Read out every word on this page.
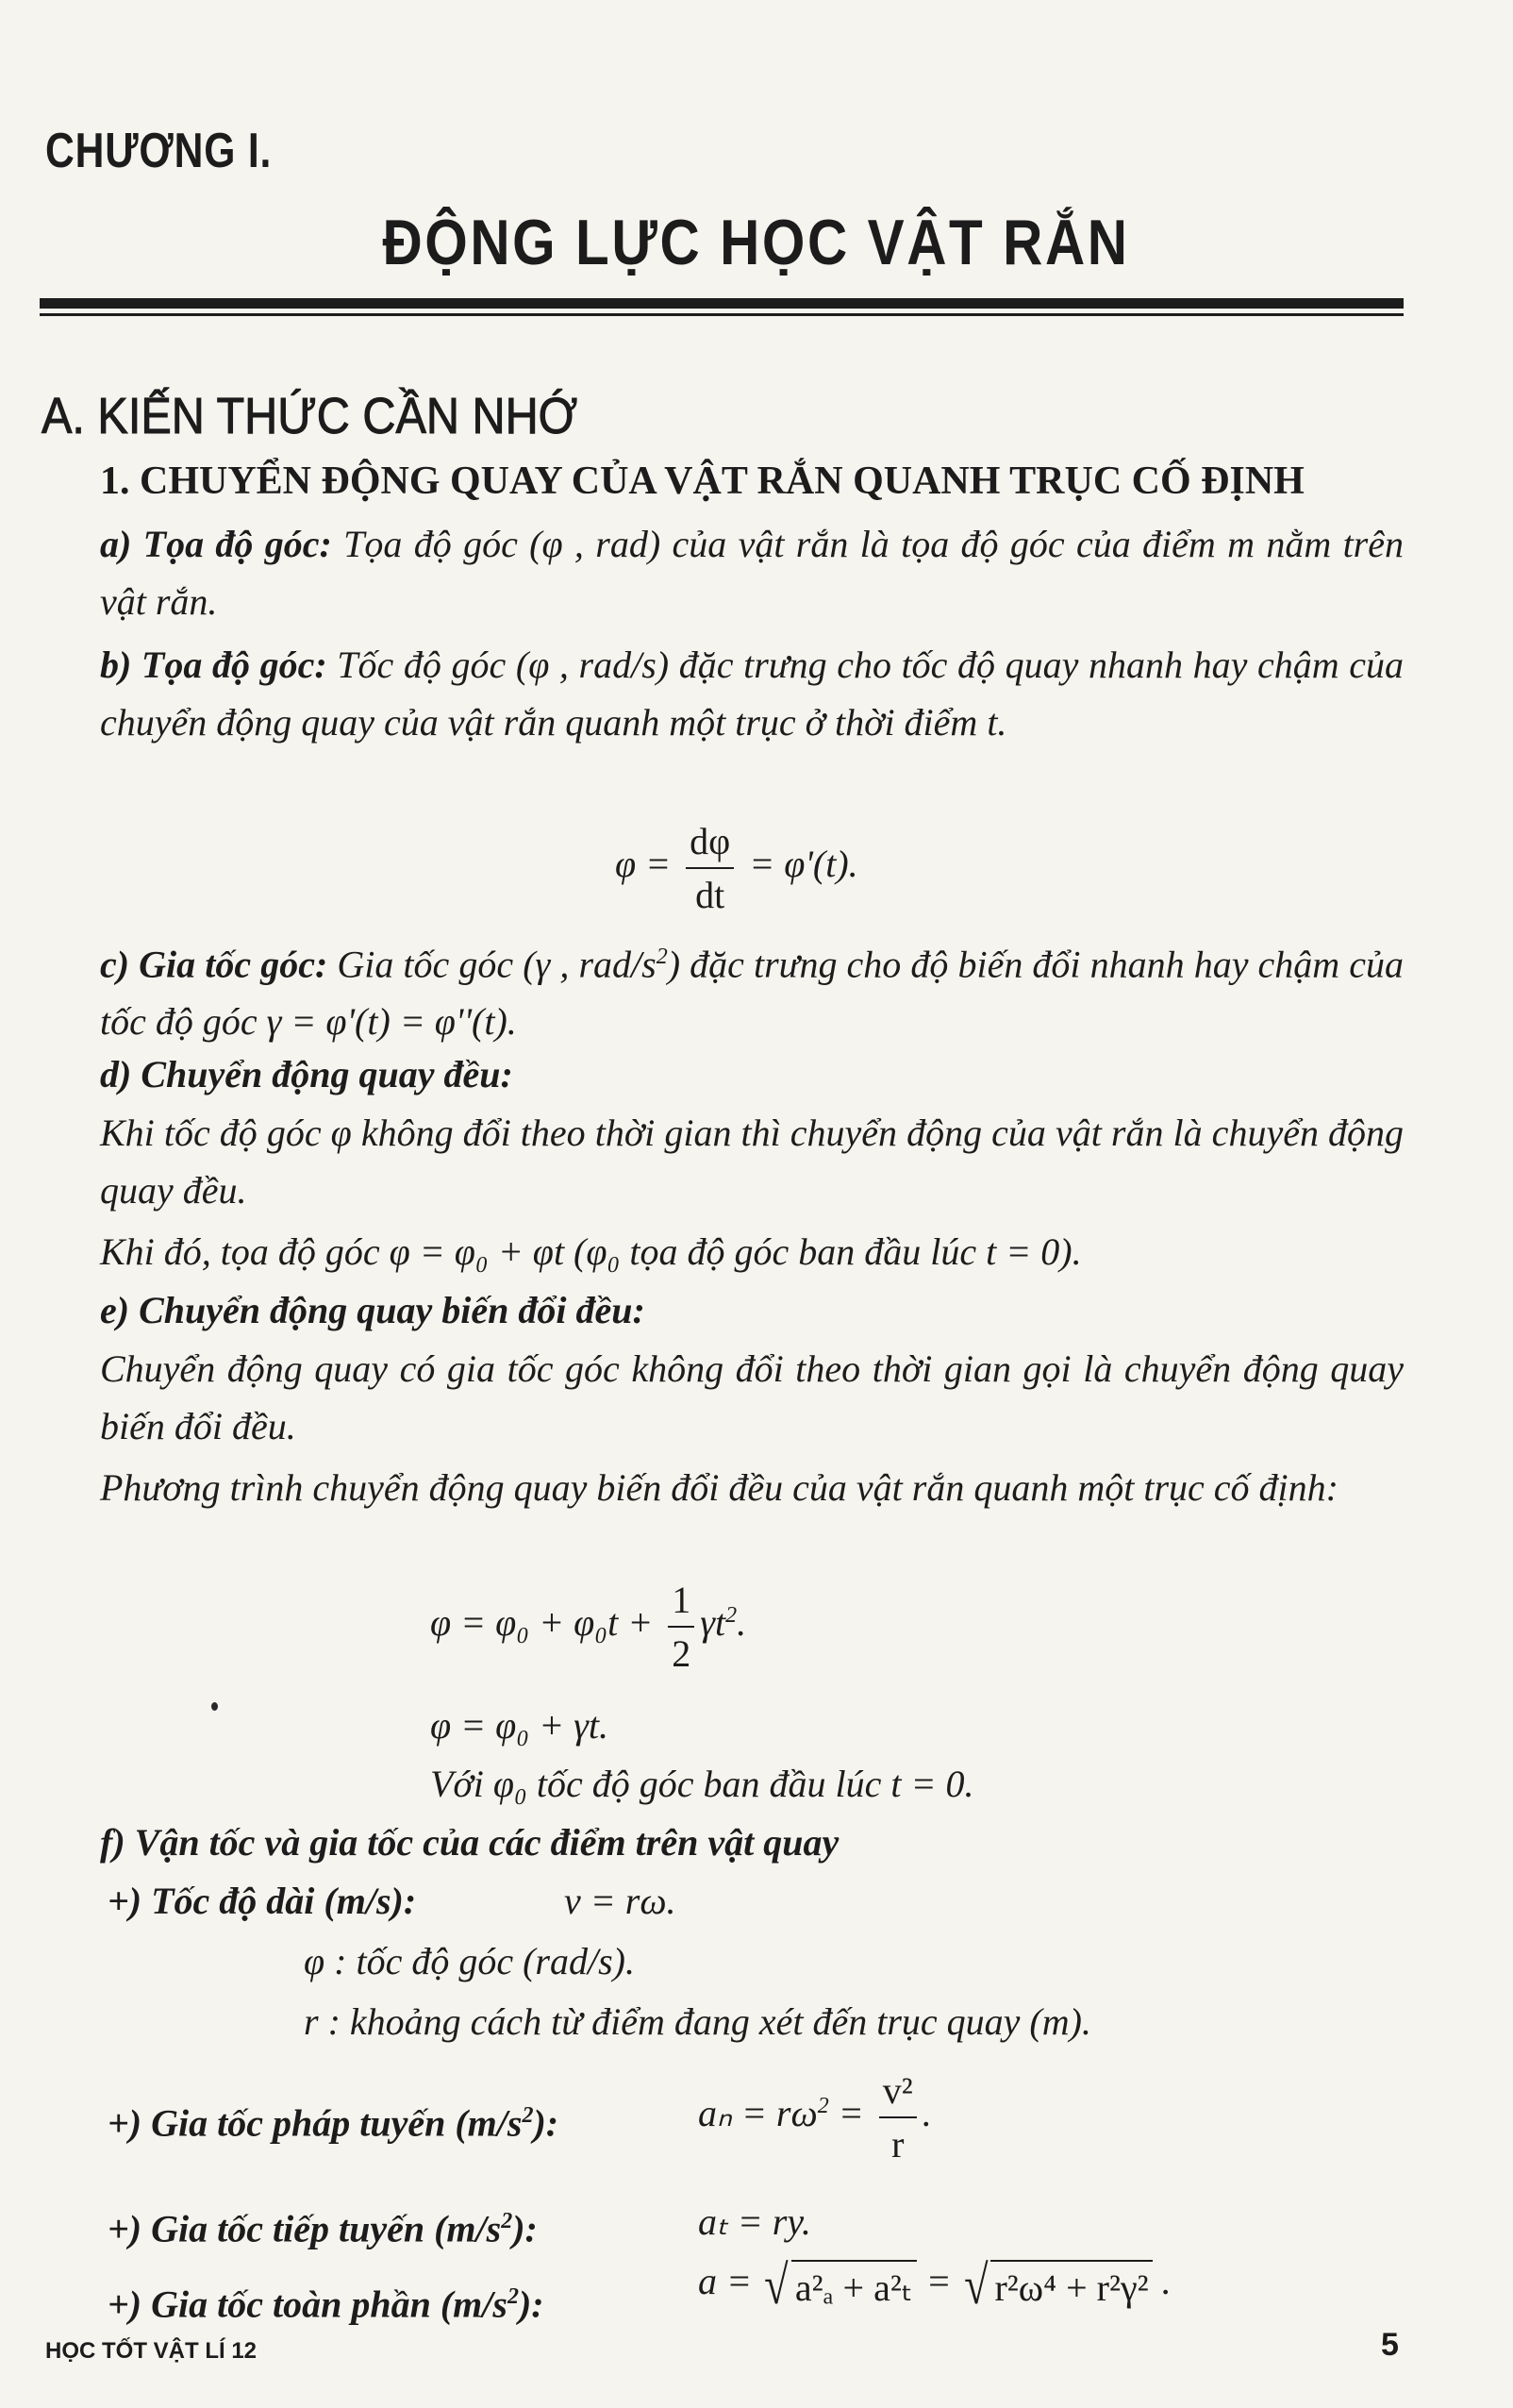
CHƯƠNG I.
ĐỘNG LỰC HỌC VẬT RẮN
A. KIẾN THỨC CẦN NHỚ
1. CHUYỂN ĐỘNG QUAY CỦA VẬT RẮN QUANH TRỤC CỐ ĐỊNH
a) Tọa độ góc: Tọa độ góc (φ , rad) của vật rắn là tọa độ góc của điểm m nằm trên vật rắn.
b) Tọa độ góc: Tốc độ góc (φ , rad/s) đặc trưng cho tốc độ quay nhanh hay chậm của chuyển động quay của vật rắn quanh một trục ở thời điểm t.
$\varphi = \frac{d\varphi}{dt} = \varphi'(t)$.
c) Gia tốc góc: Gia tốc góc (γ , rad/$s^2$) đặc trưng cho độ biến đổi nhanh hay chậm của tốc độ góc γ = φ'(t) = φ''(t).
d) Chuyển động quay đều:
Khi tốc độ góc φ không đổi theo thời gian thì chuyển động của vật rắn là chuyển động quay đều.
Khi đó, tọa độ góc φ = φ₀ + φt (φ₀ tọa độ góc ban đầu lúc t = 0).
e) Chuyển động quay biến đổi đều:
Chuyển động quay có gia tốc góc không đổi theo thời gian gọi là chuyển động quay biến đổi đều.
Phương trình chuyển động quay biến đổi đều của vật rắn quanh một trục cố định:
$\varphi = \varphi_0 + \varphi_0t + \frac{1}{2} \gamma t^2$.
φ = φ₀ + γt.
Với φ₀ tốc độ góc ban đầu lúc t = 0.
f) Vận tốc và gia tốc của các điểm trên vật quay
+) Tốc độ dài (m/s):	v = rω.
φ : tốc độ góc (rad/s).
r : khoảng cách từ điểm đang xét đến trục quay (m).
+) Gia tốc pháp tuyến $(m/s^2)$:	$a_n = r\omega^2 = \frac{\text{v²}}{r}$ .
+) Gia tốc tiếp tuyến $(m/s^2)$:	aₜ = ry.
+) Gia tốc toàn phần $(m/s^2)$:
a = √ a²ₐ + a²ₜ = √ r²ω⁴ + r²γ² .
HỌC TỐT VẬT LÍ 12	5
